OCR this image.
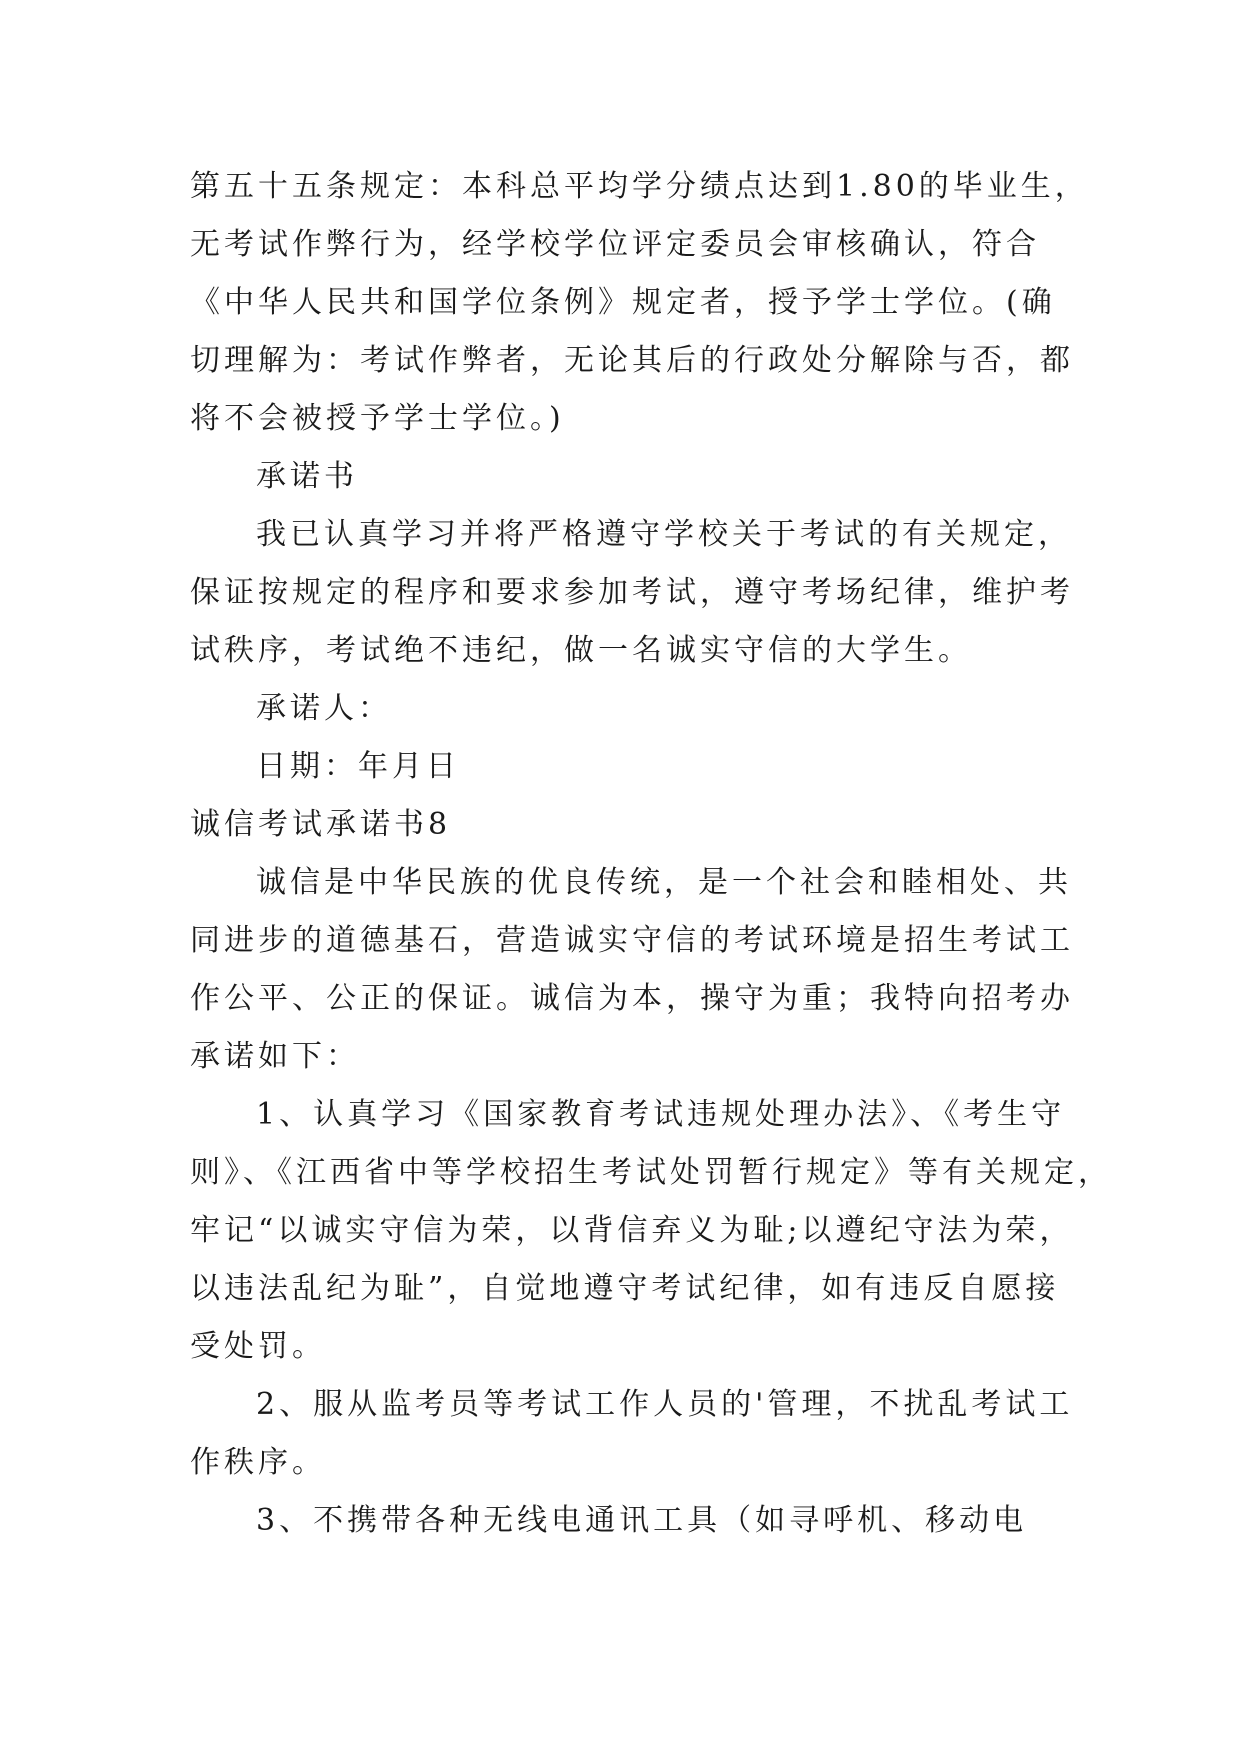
第五十五条规定：本科总平均学分绩点达到1.80的毕业生，
无考试作弊行为，经学校学位评定委员会审核确认，符合
《中华人民共和国学位条例》规定者，授予学士学位。(确
切理解为：考试作弊者，无论其后的行政处分解除与否，都
将不会被授予学士学位。)
承诺书
我已认真学习并将严格遵守学校关于考试的有关规定，
保证按规定的程序和要求参加考试，遵守考场纪律，维护考
试秩序，考试绝不违纪，做一名诚实守信的大学生。
承诺人：
日期：年月日
诚信考试承诺书8
诚信是中华民族的优良传统，是一个社会和睦相处、共
同进步的道德基石，营造诚实守信的考试环境是招生考试工
作公平、公正的保证。诚信为本，操守为重；我特向招考办
承诺如下：
1、认真学习《国家教育考试违规处理办法》、《考生守
则》、《江西省中等学校招生考试处罚暂行规定》等有关规定，
牢记“以诚实守信为荣，以背信弃义为耻;以遵纪守法为荣，
以违法乱纪为耻”，自觉地遵守考试纪律，如有违反自愿接
受处罚。
2、服从监考员等考试工作人员的'管理，不扰乱考试工
作秩序。
3、不携带各种无线电通讯工具（如寻呼机、移动电
